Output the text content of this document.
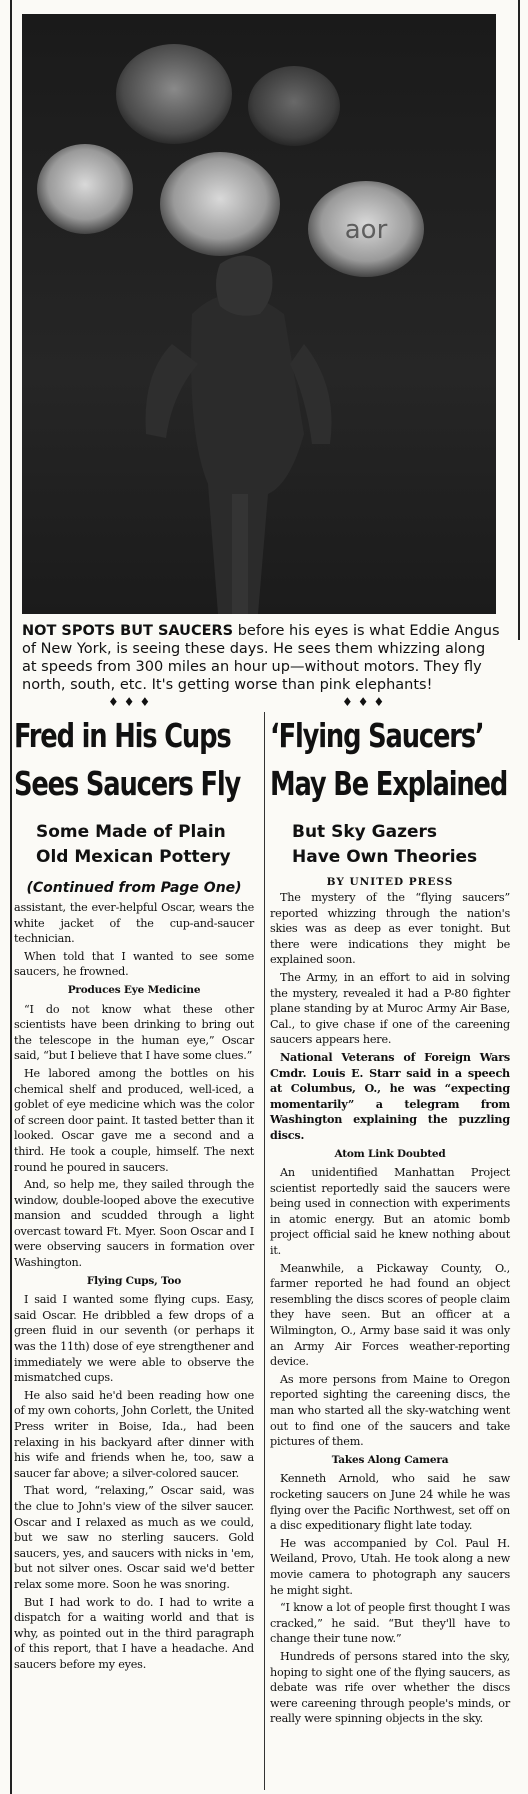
aor
NOT SPOTS BUT SAUCERS before his eyes is what Eddie Angus of New York, is seeing these days. He sees them whizzing along at speeds from 300 miles an hour up—without motors. They fly north, south, etc. It's getting worse than pink elephants!
♦♦♦	♦♦♦
Fred in His Cups
Sees Saucers Fly
Some Made of Plain
Old Mexican Pottery
(Continued from Page One)

assistant, the ever-helpful Oscar, wears the white jacket of the cup-and-saucer technician.

When told that I wanted to see some saucers, he frowned.

Produces Eye Medicine

“I do not know what these other scientists have been drinking to bring out the telescope in the human eye,” Oscar said, “but I believe that I have some clues.”

He labored among the bottles on his chemical shelf and produced, well-iced, a goblet of eye medicine which was the color of screen door paint. It tasted better than it looked. Oscar gave me a second and a third. He took a couple, himself. The next round he poured in saucers.

And, so help me, they sailed through the window, double-looped above the executive mansion and scudded through a light overcast toward Ft. Myer. Soon Oscar and I were observing saucers in formation over Washington.

Flying Cups, Too

I said I wanted some flying cups. Easy, said Oscar. He dribbled a few drops of a green fluid in our seventh (or perhaps it was the 11th) dose of eye strengthener and immediately we were able to observe the mismatched cups.

He also said he'd been reading how one of my own cohorts, John Corlett, the United Press writer in Boise, Ida., had been relaxing in his backyard after dinner with his wife and friends when he, too, saw a saucer far above; a silver-colored saucer.

That word, “relaxing,” Oscar said, was the clue to John's view of the silver saucer. Oscar and I relaxed as much as we could, but we saw no sterling saucers. Gold saucers, yes, and saucers with nicks in 'em, but not silver ones. Oscar said we'd better relax some more. Soon he was snoring.

But I had work to do. I had to write a dispatch for a waiting world and that is why, as pointed out in the third paragraph of this report, that I have a headache. And saucers before my eyes.

‘Flying Saucers’
May Be Explained
But Sky Gazers
Have Own Theories
BY UNITED PRESS

The mystery of the “flying saucers” reported whizzing through the nation's skies was as deep as ever tonight. But there were indications they might be explained soon.

The Army, in an effort to aid in solving the mystery, revealed it had a P-80 fighter plane standing by at Muroc Army Air Base, Cal., to give chase if one of the careening saucers appears here.

National Veterans of Foreign Wars Cmdr. Louis E. Starr said in a speech at Columbus, O., he was “expecting momentarily” a telegram from Washington explaining the puzzling discs.

Atom Link Doubted

An unidentified Manhattan Project scientist reportedly said the saucers were being used in connection with experiments in atomic energy. But an atomic bomb project official said he knew nothing about it.

Meanwhile, a Pickaway County, O., farmer reported he had found an object resembling the discs scores of people claim they have seen. But an officer at a Wilmington, O., Army base said it was only an Army Air Forces weather-reporting device.

As more persons from Maine to Oregon reported sighting the careening discs, the man who started all the sky-watching went out to find one of the saucers and take pictures of them.

Takes Along Camera

Kenneth Arnold, who said he saw rocketing saucers on June 24 while he was flying over the Pacific Northwest, set off on a disc expeditionary flight late today.

He was accompanied by Col. Paul H. Weiland, Provo, Utah. He took along a new movie camera to photograph any saucers he might sight.

“I know a lot of people first thought I was cracked,” he said. “But they'll have to change their tune now.”

Hundreds of persons stared into the sky, hoping to sight one of the flying saucers, as debate was rife over whether the discs were careening through people's minds, or really were spinning objects in the sky.
